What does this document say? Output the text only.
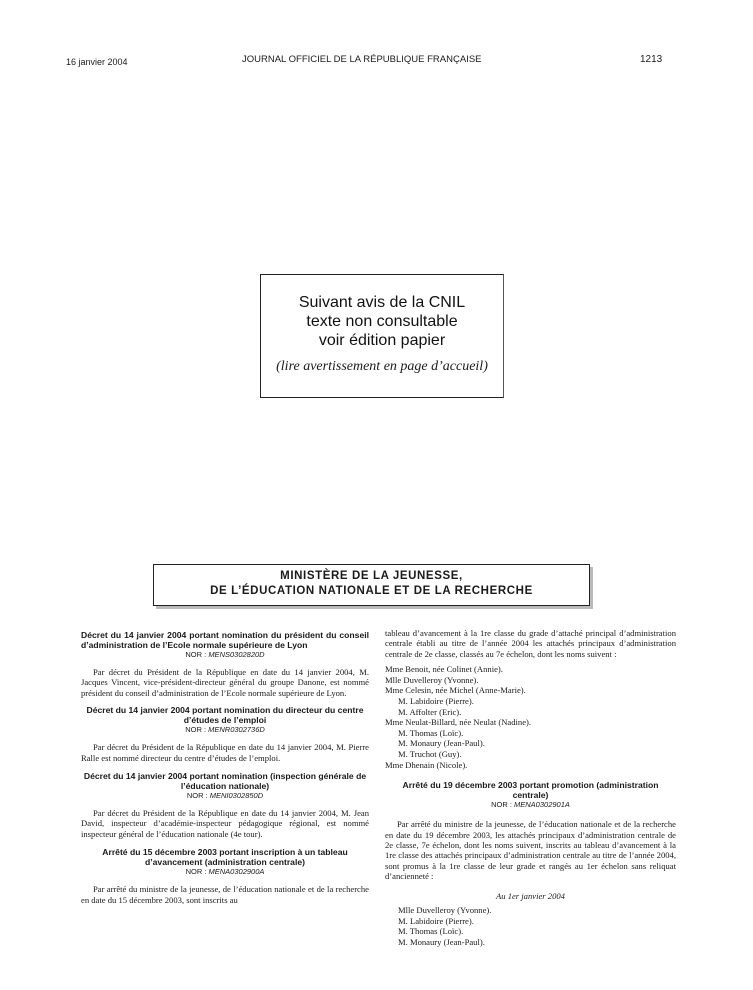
16 janvier 2004	JOURNAL OFFICIEL DE LA RÉPUBLIQUE FRANÇAISE	1213
Suivant avis de la CNIL
texte non consultable
voir édition papier
(lire avertissement en page d’accueil)
MINISTÈRE DE LA JEUNESSE,
DE L’ÉDUCATION NATIONALE ET DE LA RECHERCHE
Décret du 14 janvier 2004 portant nomination du président du conseil d’administration de l’Ecole normale supérieure de Lyon
NOR : MENS0302820D

Par décret du Président de la République en date du 14 janvier 2004, M. Jacques Vincent, vice-président-directeur général du groupe Danone, est nommé président du conseil d’administration de l’Ecole normale supérieure de Lyon.

Décret du 14 janvier 2004 portant nomination du directeur du centre d’études de l’emploi
NOR : MENR0302736D

Par décret du Président de la République en date du 14 janvier 2004, M. Pierre Ralle est nommé directeur du centre d’études de l’emploi.

Décret du 14 janvier 2004 portant nomination (inspection générale de l’éducation nationale)
NOR : MENI0302850D

Par décret du Président de la République en date du 14 janvier 2004, M. Jean David, inspecteur d’académie-inspecteur pédagogique régional, est nommé inspecteur général de l’éducation nationale (4e tour).

Arrêté du 15 décembre 2003 portant inscription à un tableau d’avancement (administration centrale)
NOR : MENA0302900A

Par arrêté du ministre de la jeunesse, de l’éducation nationale et de la recherche en date du 15 décembre 2003, sont inscrits au

tableau d’avancement à la 1re classe du grade d’attaché principal d’administration centrale établi au titre de l’année 2004 les attachés principaux d’administration centrale de 2e classe, classés au 7e échelon, dont les noms suivent :

Mme Benoit, née Colinet (Annie).
Mlle Duvelleroy (Yvonne).
Mme Celesin, née Michel (Anne-Marie).
M. Labidoire (Pierre).
M. Affolter (Eric).
Mme Neulat-Billard, née Neulat (Nadine).
M. Thomas (Loïc).
M. Monaury (Jean-Paul).
M. Truchot (Guy).
Mme Dhenain (Nicole).
Arrêté du 19 décembre 2003 portant promotion (administration centrale)
NOR : MENA0302901A

Par arrêté du ministre de la jeunesse, de l’éducation nationale et de la recherche en date du 19 décembre 2003, les attachés principaux d’administration centrale de 2e classe, 7e échelon, dont les noms suivent, inscrits au tableau d’avancement à la 1re classe des attachés principaux d’administration centrale au titre de l’année 2004, sont promus à la 1re classe de leur grade et rangés au 1er échelon sans reliquat d’ancienneté :

Au 1er janvier 2004
Mlle Duvelleroy (Yvonne).
M. Labidoire (Pierre).
M. Thomas (Loïc).
M. Monaury (Jean-Paul).
